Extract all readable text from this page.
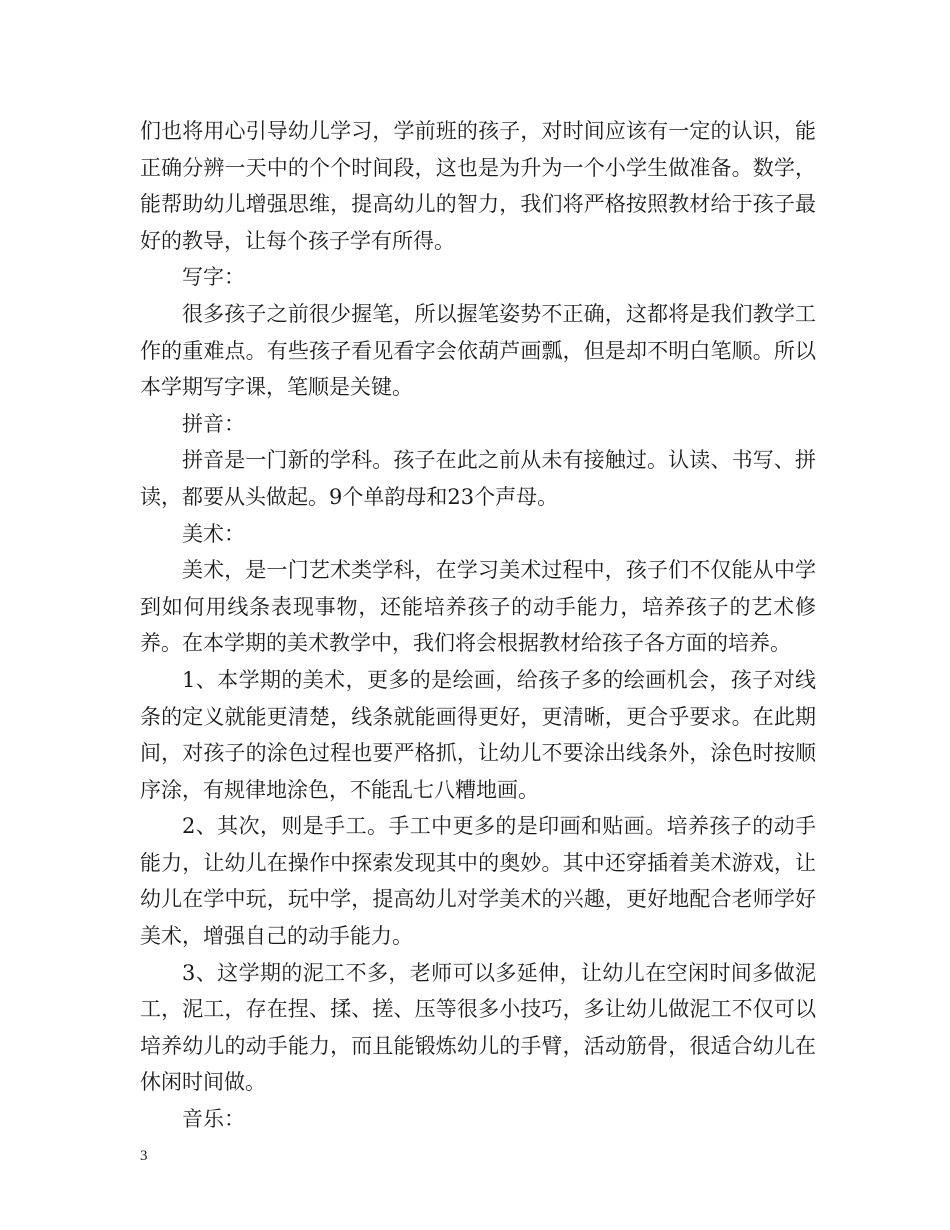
们也将用心引导幼儿学习，学前班的孩子，对时间应该有一定的认识，能正确分辨一天中的个个时间段，这也是为升为一个小学生做准备。数学，能帮助幼儿增强思维，提高幼儿的智力，我们将严格按照教材给于孩子最好的教导，让每个孩子学有所得。

写字：

很多孩子之前很少握笔，所以握笔姿势不正确，这都将是我们教学工作的重难点。有些孩子看见看字会依葫芦画瓢，但是却不明白笔顺。所以本学期写字课，笔顺是关键。

拼音：

拼音是一门新的学科。孩子在此之前从未有接触过。认读、书写、拼读，都要从头做起。9个单韵母和23个声母。

美术：

美术，是一门艺术类学科，在学习美术过程中，孩子们不仅能从中学到如何用线条表现事物，还能培养孩子的动手能力，培养孩子的艺术修养。在本学期的美术教学中，我们将会根据教材给孩子各方面的培养。

1、本学期的美术，更多的是绘画，给孩子多的绘画机会，孩子对线条的定义就能更清楚，线条就能画得更好，更清晰，更合乎要求。在此期间，对孩子的涂色过程也要严格抓，让幼儿不要涂出线条外，涂色时按顺序涂，有规律地涂色，不能乱七八糟地画。

2、其次，则是手工。手工中更多的是印画和贴画。培养孩子的动手能力，让幼儿在操作中探索发现其中的奥妙。其中还穿插着美术游戏，让幼儿在学中玩，玩中学，提高幼儿对学美术的兴趣，更好地配合老师学好美术，增强自己的动手能力。

3、这学期的泥工不多，老师可以多延伸，让幼儿在空闲时间多做泥工，泥工，存在捏、揉、搓、压等很多小技巧，多让幼儿做泥工不仅可以培养幼儿的动手能力，而且能锻炼幼儿的手臂，活动筋骨，很适合幼儿在休闲时间做。

音乐：

3
